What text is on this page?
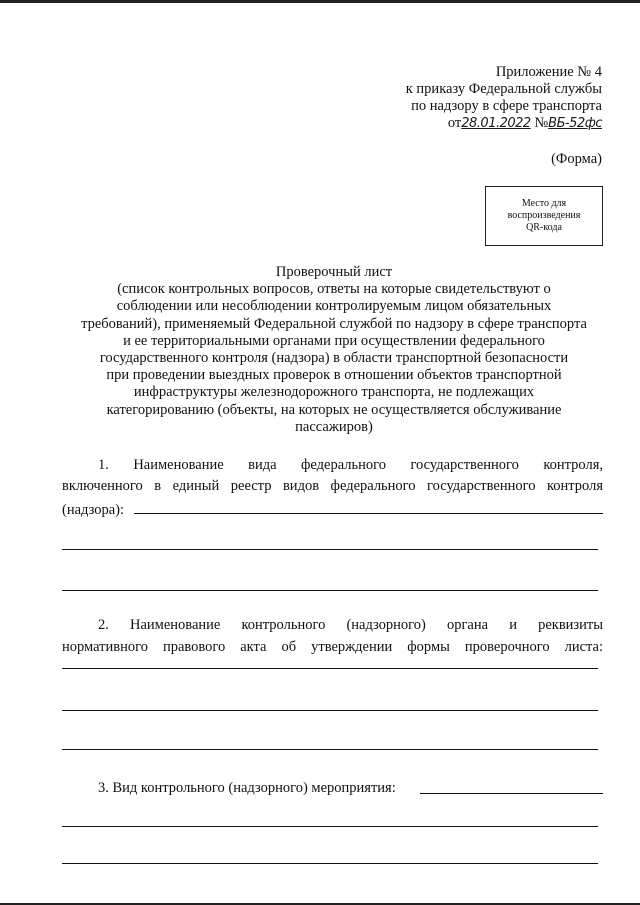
Приложение № 4
к приказу Федеральной службы
по надзору в сфере транспорта
от28.01.2022 №ВБ-52фс
(Форма)
Место для
воспроизведения
QR-кода
Проверочный лист
(список контрольных вопросов, ответы на которые свидетельствуют о
соблюдении или несоблюдении контролируемым лицом обязательных
требований), применяемый Федеральной службой по надзору в сфере транспорта
и ее территориальными органами при осуществлении федерального
государственного контроля (надзора) в области транспортной безопасности
при проведении выездных проверок в отношении объектов транспортной
инфраструктуры железнодорожного транспорта, не подлежащих
категорированию (объекты, на которых не осуществляется обслуживание
пассажиров)
1. Наименование вида федерального государственного контроля,
включенного в единый реестр видов федерального государственного контроля
(надзора):
2. Наименование контрольного (надзорного) органа и реквизиты
нормативного правового акта об утверждении формы проверочного листа:
3. Вид контрольного (надзорного) мероприятия:
